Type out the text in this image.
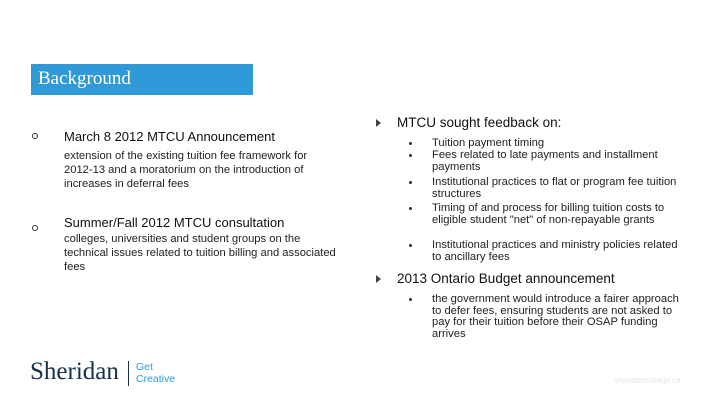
Background
March 8 2012 MTCU Announcement
extension of the existing tuition fee framework for 2012-13 and a moratorium on the introduction of increases in deferral fees
Summer/Fall 2012 MTCU consultation
colleges, universities and student groups on the technical issues related to tuition billing and associated fees
MTCU sought feedback on:
Tuition payment timing
Fees related to late payments and installment payments
Institutional practices to flat or program fee tuition structures
Timing of and process for billing tuition costs to eligible student "net" of non-repayable grants
Institutional practices and ministry policies related to ancillary fees
2013 Ontario Budget announcement
the government would introduce a fairer approach to defer fees, ensuring students are not asked to pay for their tuition before their OSAP funding arrives
Sheridan Get
Creative	sheridancollege.ca
